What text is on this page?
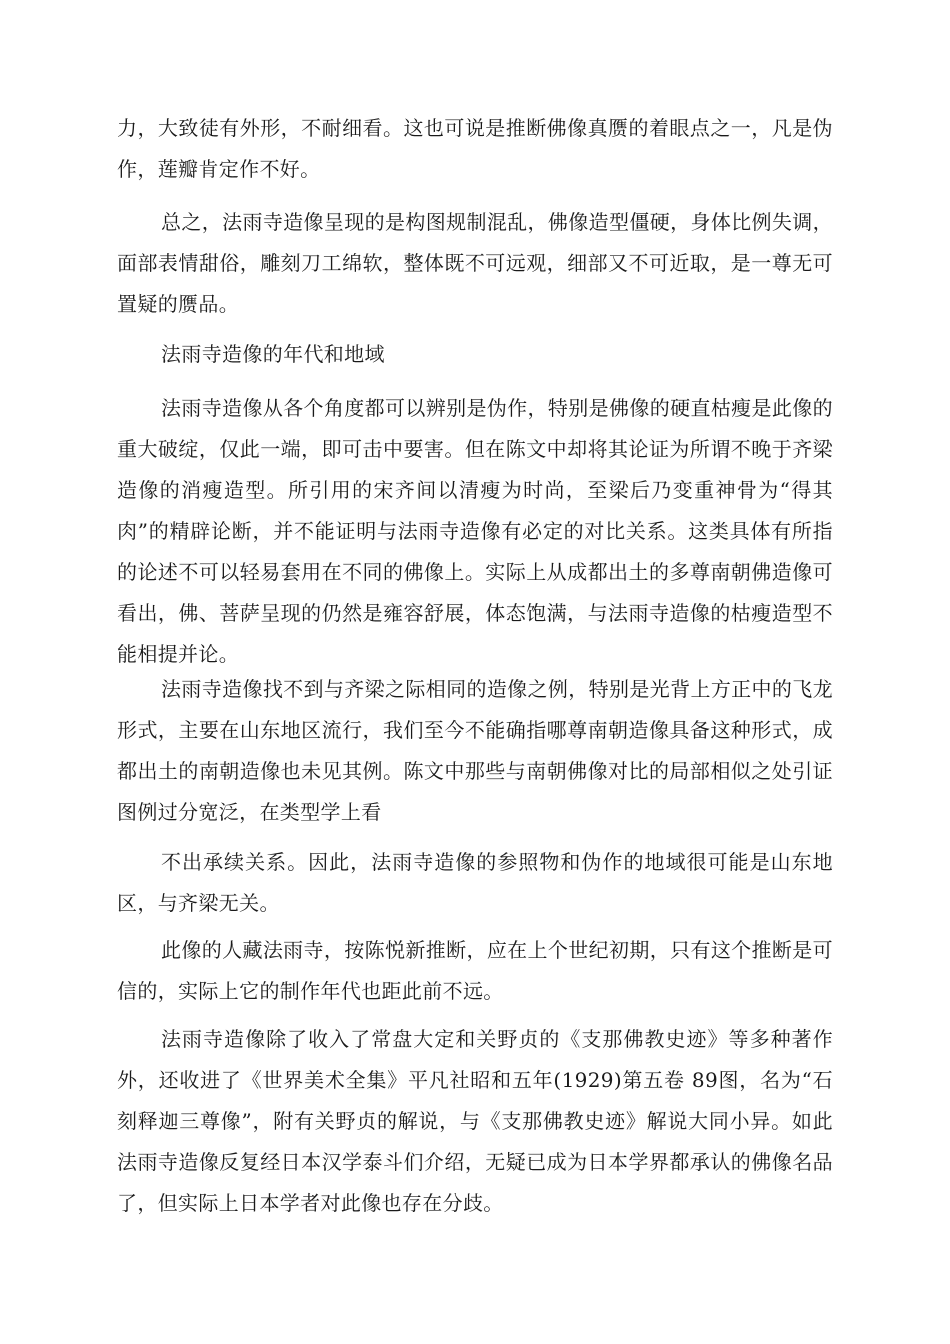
力，大致徒有外形，不耐细看。这也可说是推断佛像真赝的着眼点之一，凡是伪作，莲瓣肯定作不好。

总之，法雨寺造像呈现的是构图规制混乱，佛像造型僵硬，身体比例失调，面部表情甜俗，雕刻刀工绵软，整体既不可远观，细部又不可近取，是一尊无可置疑的赝品。

法雨寺造像的年代和地域

法雨寺造像从各个角度都可以辨别是伪作，特别是佛像的硬直枯瘦是此像的重大破绽，仅此一端，即可击中要害。但在陈文中却将其论证为所谓不晚于齐梁造像的消瘦造型。所引用的宋齐间以清瘦为时尚，至梁后乃变重神骨为“得其肉”的精辟论断，并不能证明与法雨寺造像有必定的对比关系。这类具体有所指的论述不可以轻易套用在不同的佛像上。实际上从成都出土的多尊南朝佛造像可看出，佛、菩萨呈现的仍然是雍容舒展，体态饱满，与法雨寺造像的枯瘦造型不能相提并论。

法雨寺造像找不到与齐梁之际相同的造像之例，特别是光背上方正中的飞龙形式，主要在山东地区流行，我们至今不能确指哪尊南朝造像具备这种形式，成都出土的南朝造像也未见其例。陈文中那些与南朝佛像对比的局部相似之处引证图例过分宽泛，在类型学上看

不出承续关系。因此，法雨寺造像的参照物和伪作的地域很可能是山东地区，与齐梁无关。

此像的人藏法雨寺，按陈悦新推断，应在上个世纪初期，只有这个推断是可信的，实际上它的制作年代也距此前不远。

法雨寺造像除了收入了常盘大定和关野贞的《支那佛教史迹》等多种著作外，还收进了《世界美术全集》平凡社昭和五年(1929)第五卷 89图，名为“石刻释迦三尊像”，附有关野贞的解说，与《支那佛教史迹》解说大同小异。如此法雨寺造像反复经日本汉学泰斗们介绍，无疑已成为日本学界都承认的佛像名品了，但实际上日本学者对此像也存在分歧。
